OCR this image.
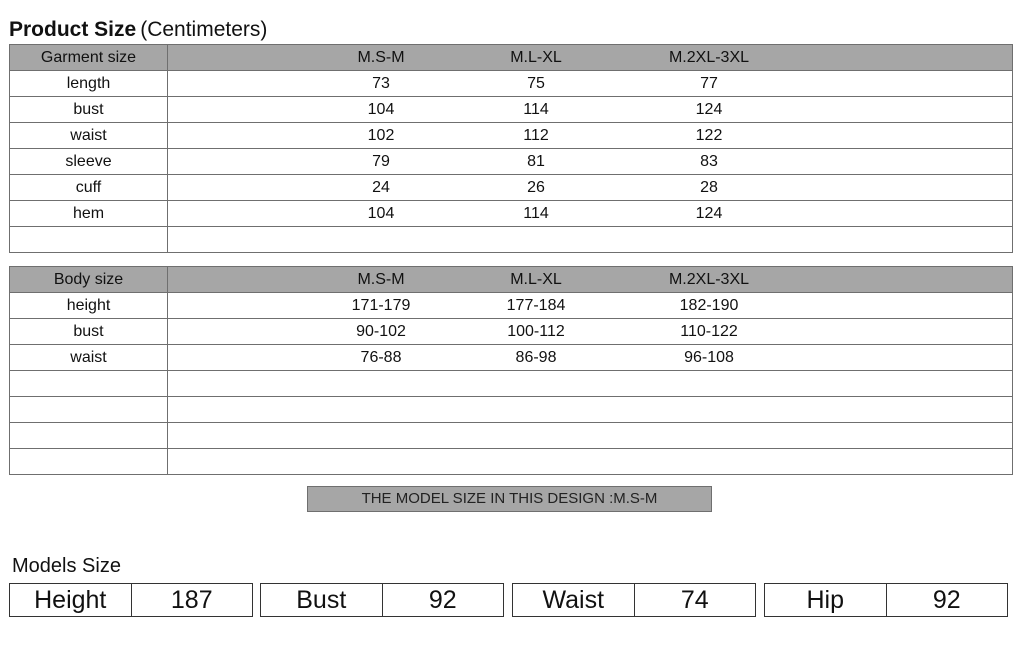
Product Size (Centimeters)
Garment size	M.S-M M.L-XL M.2XL-3XL

length	73 75 77

bust	104 114 124

waist	102 112 122

sleeve	79 81 83

cuff	24 26 28

hem	104 114 124

Body size	M.S-M M.L-XL M.2XL-3XL

height	171-179 177-184 182-190

bust	90-102 100-112 110-122

waist	76-88 86-98 96-108

THE MODEL SIZE IN THIS DESIGN :M.S-M
Models Size
Height	187	Bust	92	Waist	74	Hip	92
